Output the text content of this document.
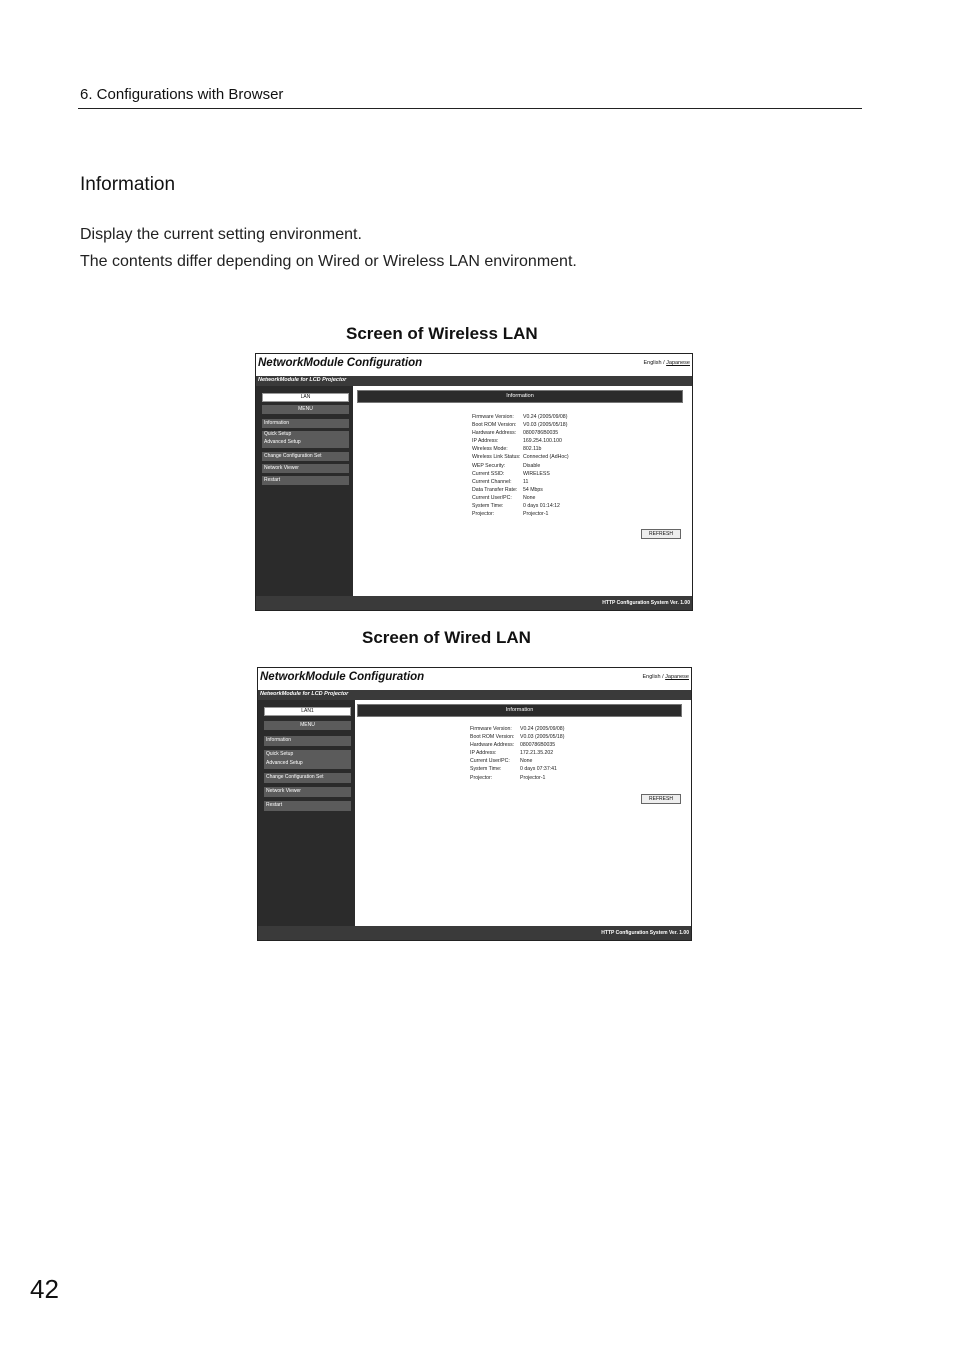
6. Configurations with Browser
Information
Display the current setting environment.
The contents differ depending on Wired or Wireless LAN environment.
Screen of Wireless LAN
NetworkModule Configuration	English / Japanese
NetworkModule for LCD Projector
LAN
MENU
Information
Quick Setup
Advanced Setup
Change Configuration Set
Network Viewer
Restart
Information
Firmware Version:
Boot ROM Version:
Hardware Address:
IP Address:
Wireless Mode:
Wireless Link Status:
WEP Security:
Current SSID:
Current Channel:
Data Transfer Rate:
Current User/PC:
System Time:
Projector:
V0.24 (2005/09/08)
V0.03 (2005/05/18)
0800786B0035
169.254.100.100
802.11b
Connected (AdHoc)
Disable
WIRELESS
11
54 Mbps
None
0 days 01:14:12
Projector-1
REFRESH
HTTP Configuration System Ver. 1.00
Screen of Wired LAN
NetworkModule Configuration	English / Japanese
NetworkModule for LCD Projector
LAN1
MENU
Information
Quick Setup
Advanced Setup
Change Configuration Set
Network Viewer
Restart
Information
Firmware Version:
Boot ROM Version:
Hardware Address:
IP Address:
Current User/PC:
System Time:
Projector:
V0.24 (2005/09/08)
V0.03 (2005/05/18)
0800786B0035
172.21.35.202
None
0 days 07:37:41
Projector-1
REFRESH
HTTP Configuration System Ver. 1.00
42
